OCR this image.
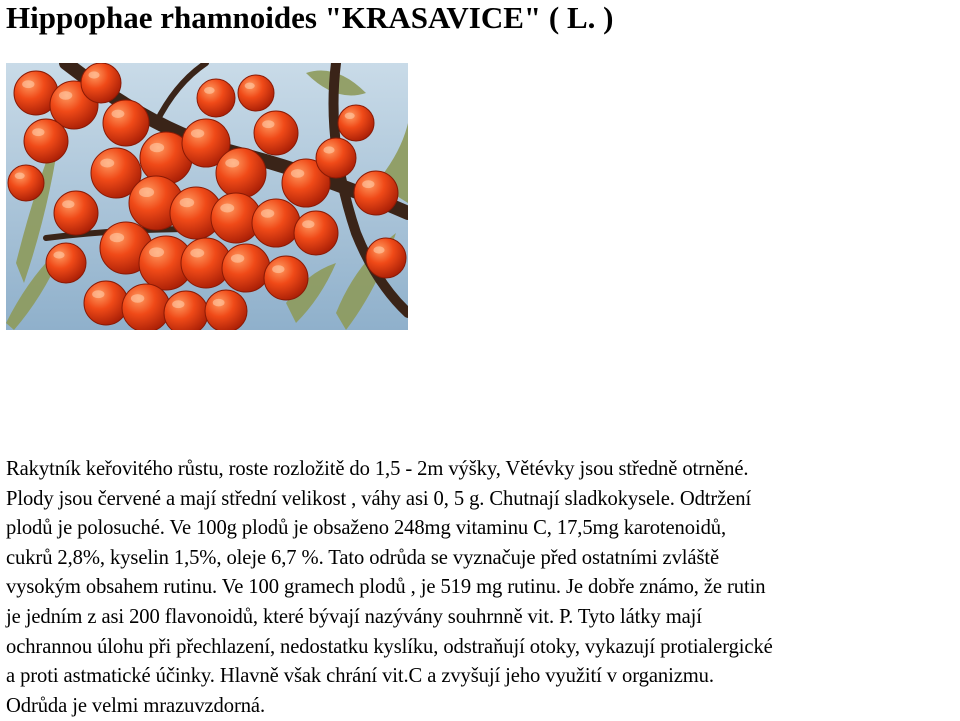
Hippophae rhamnoides "KRASAVICE" ( L. )
Rakytník keřovitého růstu, roste rozložitě do 1,5 - 2m výšky, Větévky jsou středně otrněné.
Plody jsou červené a mají střední velikost , váhy asi 0, 5 g. Chutnají sladkokysele. Odtržení
plodů je polosuché. Ve 100g plodů je obsaženo 248mg vitaminu C, 17,5mg karotenoidů,
cukrů 2,8%, kyselin 1,5%, oleje 6,7 %. Tato odrůda se vyznačuje před ostatními zvláště
vysokým obsahem rutinu. Ve 100 gramech plodů , je 519 mg rutinu. Je dobře známo, že rutin
je jedním z asi 200 flavonoidů, které bývají nazývány souhrnně vit. P. Tyto látky mají
ochrannou úlohu při přechlazení, nedostatku kyslíku, odstraňují otoky, vykazují protialergické
a proti astmatické účinky. Hlavně však chrání vit.C a zvyšují jeho využití v organizmu.
Odrůda je velmi mrazuvzdorná.
